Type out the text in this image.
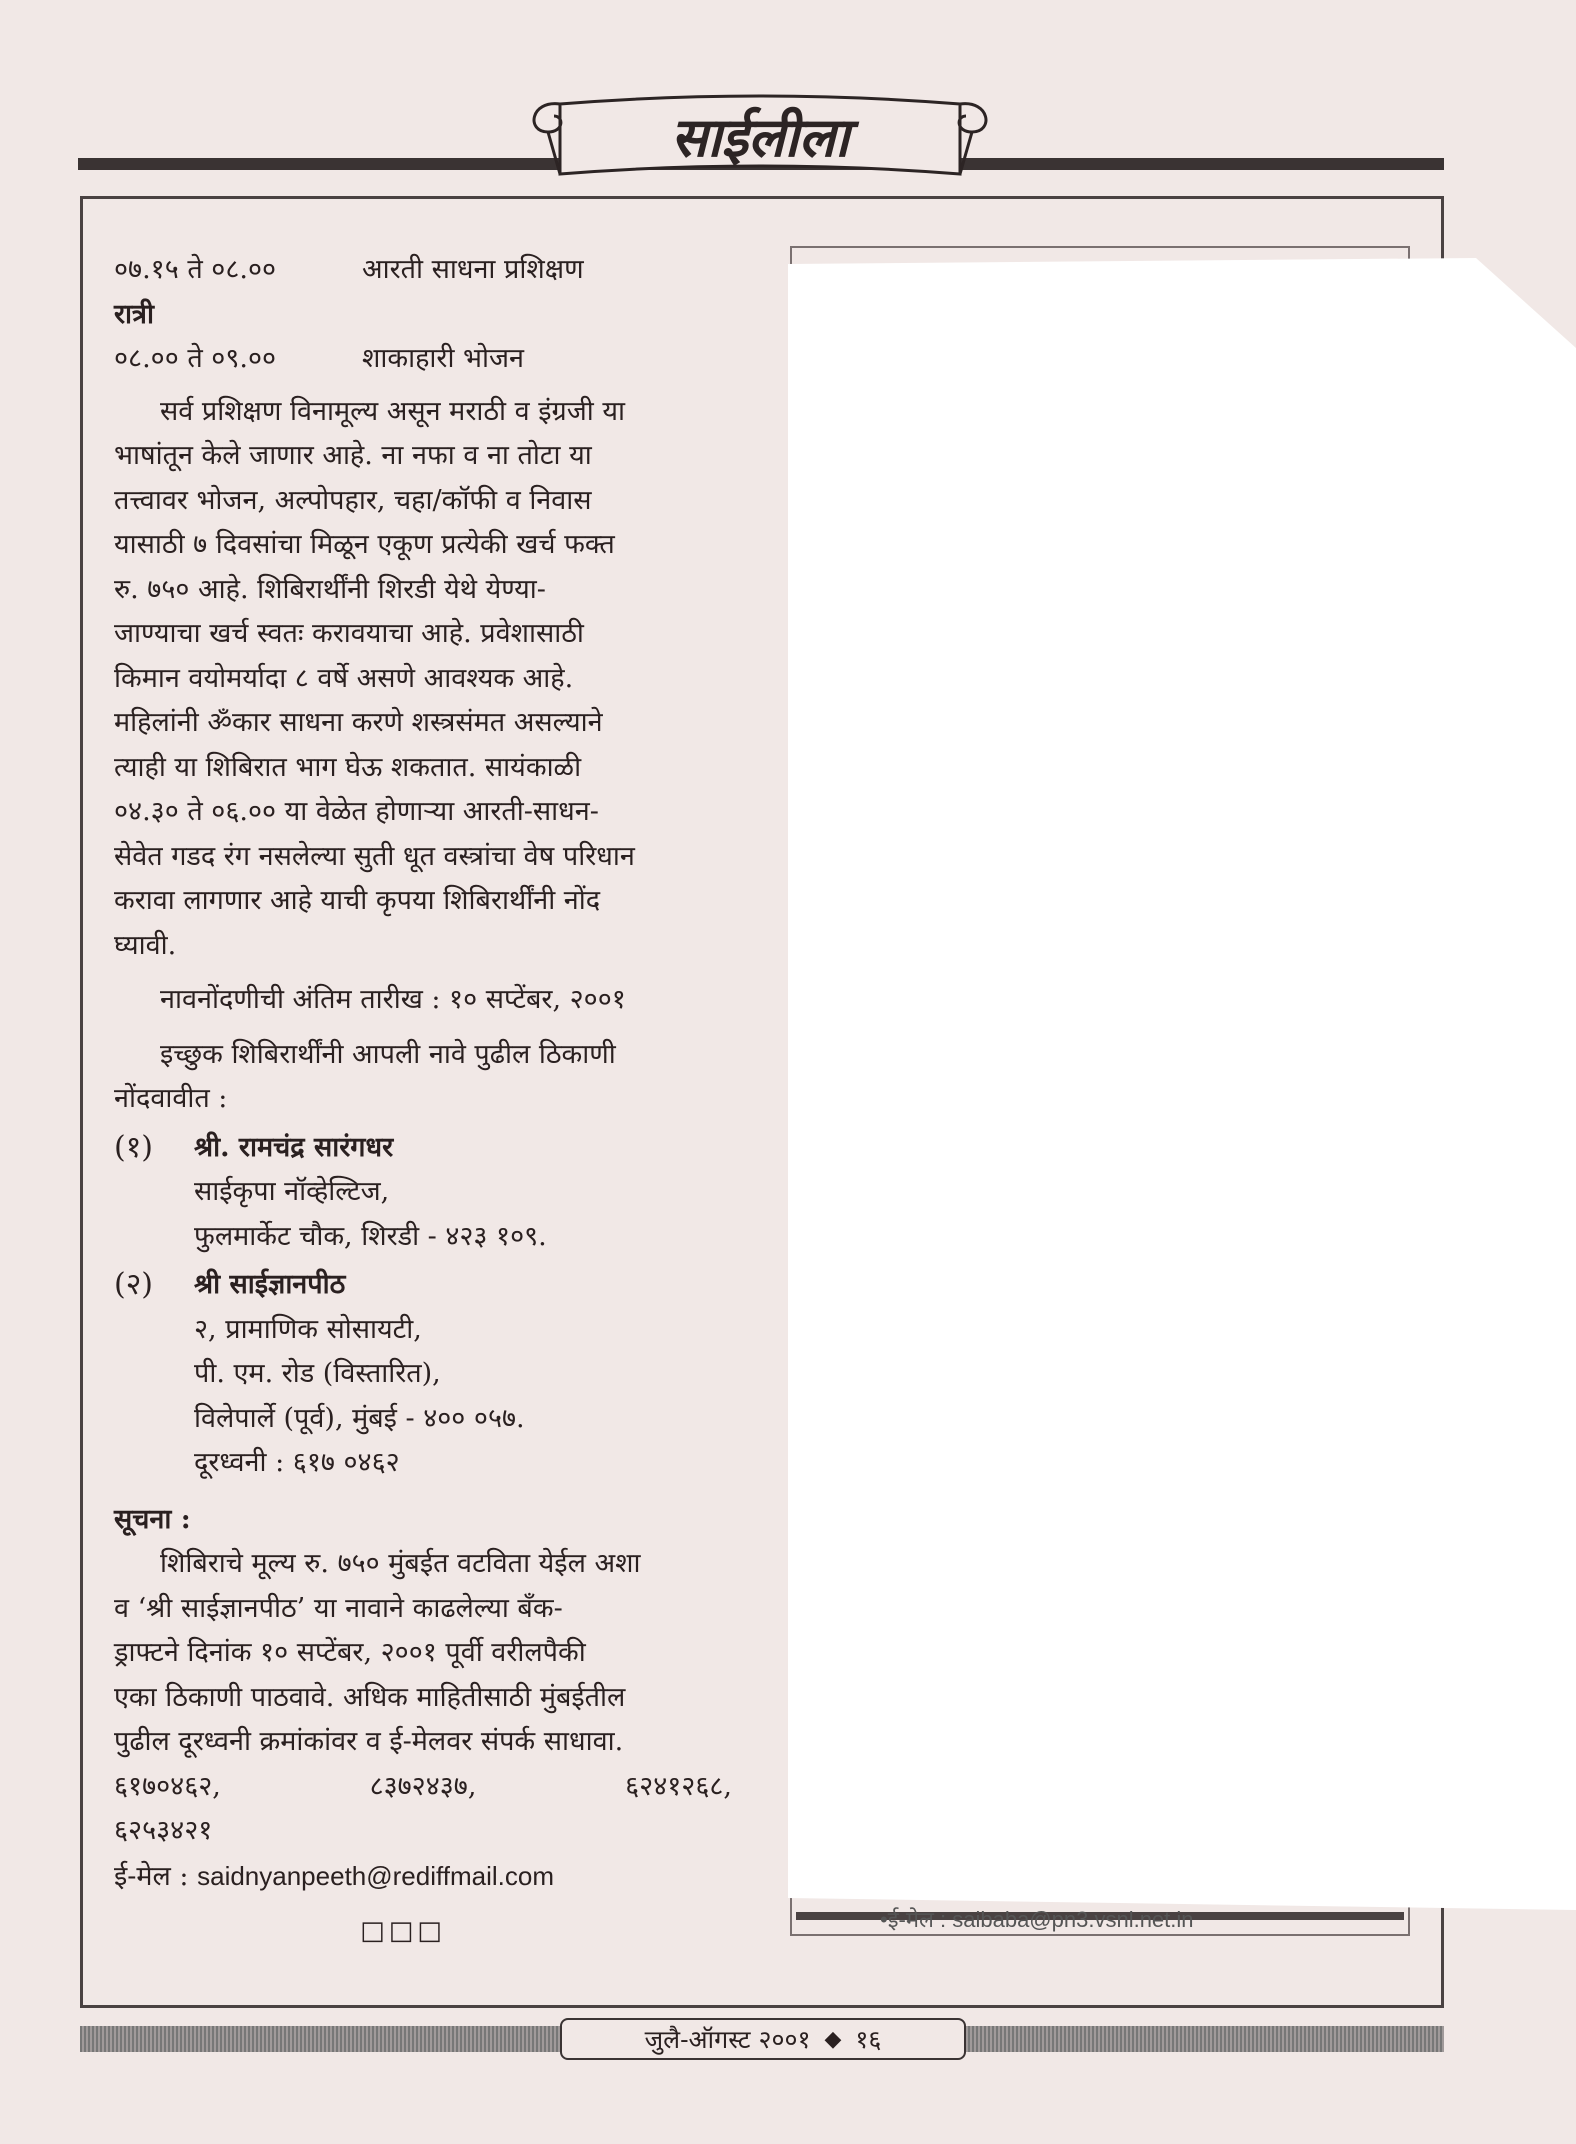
साईलीला
०७.१५ ते ०८.००	आरती साधना प्रशिक्षण
रात्री
०८.०० ते ०९.००	शाकाहारी भोजन
सर्व प्रशिक्षण विनामूल्य असून मराठी व इंग्रजी या
भाषांतून केले जाणार आहे. ना नफा व ना तोटा या
तत्त्वावर भोजन, अल्पोपहार, चहा/कॉफी व निवास
यासाठी ७ दिवसांचा मिळून एकूण प्रत्येकी खर्च फक्त
रु. ७५० आहे. शिबिरार्थींनी शिरडी येथे येण्या-
जाण्याचा खर्च स्वतः करावयाचा आहे. प्रवेशासाठी
किमान वयोमर्यादा ८ वर्षे असणे आवश्यक आहे.
महिलांनी ॐकार साधना करणे शस्त्रसंमत असल्याने
त्याही या शिबिरात भाग घेऊ शकतात. सायंकाळी
०४.३० ते ०६.०० या वेळेत होणाऱ्या आरती-साधन-
सेवेत गडद रंग नसलेल्या सुती धूत वस्त्रांचा वेष परिधान
करावा लागणार आहे याची कृपया शिबिरार्थींनी नोंद
घ्यावी.
नावनोंदणीची अंतिम तारीख : १० सप्टेंबर, २००१
इच्छुक शिबिरार्थींनी आपली नावे पुढील ठिकाणी
नोंदवावीत :
(१)	श्री. रामचंद्र सारंगधर
साईकृपा नॉव्हेल्टिज,
फुलमार्केट चौक, शिरडी - ४२३ १०९.
(२)	श्री साईज्ञानपीठ
२, प्रामाणिक सोसायटी,
पी. एम. रोड (विस्तारित),
विलेपार्ले (पूर्व), मुंबई - ४०० ०५७.
दूरध्वनी : ६१७ ०४६२
सूचना :
शिबिराचे मूल्य रु. ७५० मुंबईत वटविता येईल अशा
व ‘श्री साईज्ञानपीठ’ या नावाने काढलेल्या बँक-
ड्राफ्टने दिनांक १० सप्टेंबर, २००१ पूर्वी वरीलपैकी
एका ठिकाणी पाठवावे. अधिक माहितीसाठी मुंबईतील
पुढील दूरध्वनी क्रमांकांवर व ई-मेलवर संपर्क साधावा.
६१७०४६२,	८३७२४३७,	६२४१२६८,
६२५३४२१
ई-मेल : saidnyanpeeth@rediffmail.com
□□□	•ई-मेल : saibaba@pn3.vsnl.net.in
जुलै-ऑगस्ट २००१ ◆ १६
